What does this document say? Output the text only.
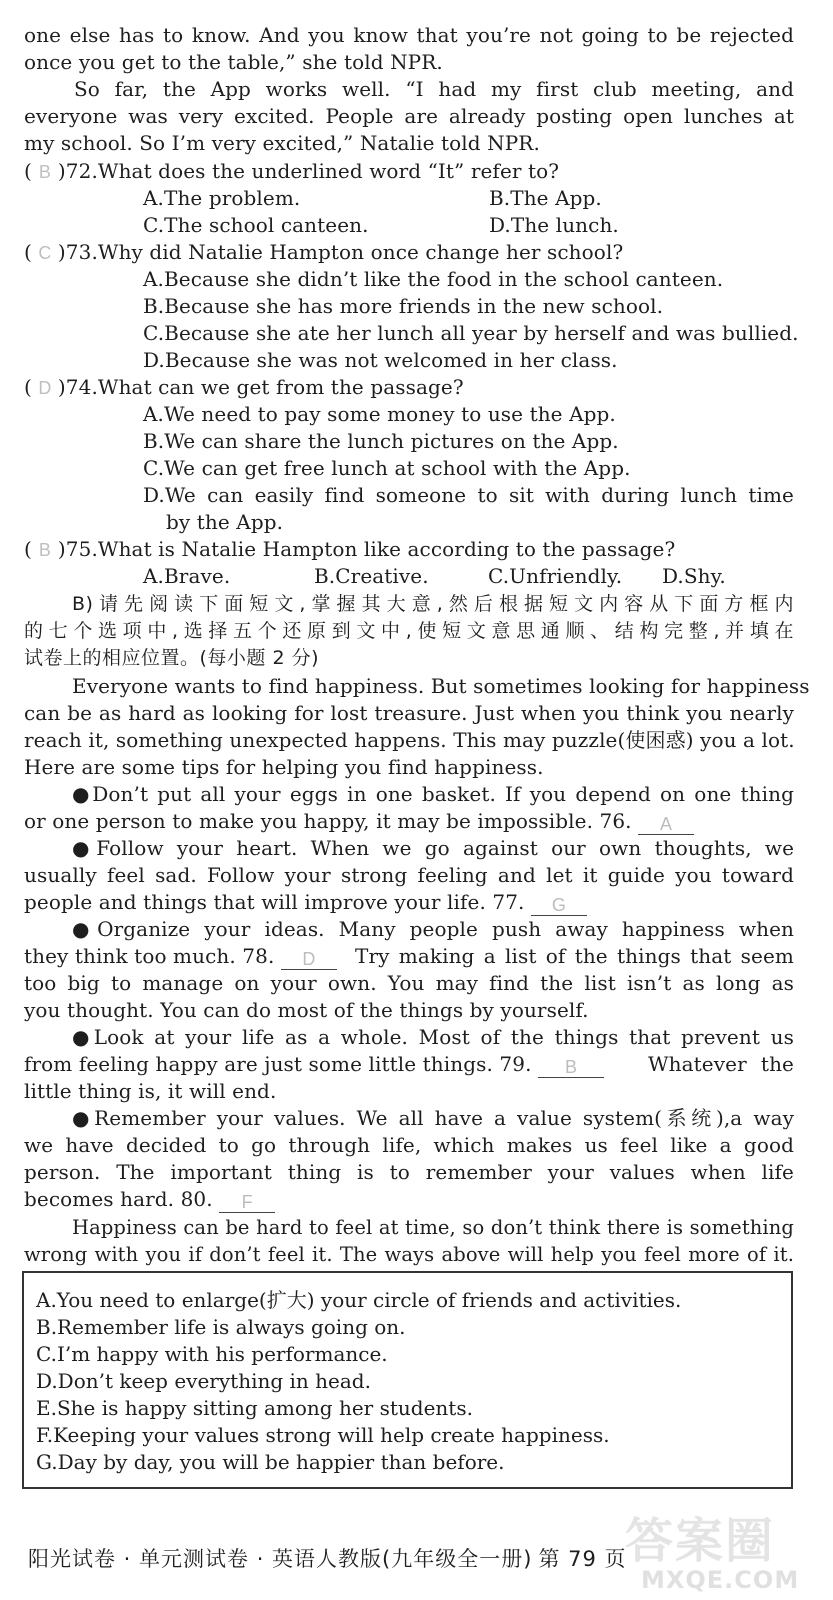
one else has to know. And you know that you’re not going to be rejected
once you get to the table,” she told NPR.
So far, the App works well. “I had my first club meeting, and
everyone was very excited. People are already posting open lunches at
my school. So I’m very excited,” Natalie told NPR.
( B )72.What does the underlined word “It” refer to?
A.The problem.	B.The App.
C.The school canteen.	D.The lunch.
( C )73.Why did Natalie Hampton once change her school?
A.Because she didn’t like the food in the school canteen.
B.Because she has more friends in the new school.
C.Because she ate her lunch all year by herself and was bullied.
D.Because she was not welcomed in her class.
( D )74.What can we get from the passage?
A.We need to pay some money to use the App.
B.We can share the lunch pictures on the App.
C.We can get free lunch at school with the App.
D.We can easily find someone to sit with during lunch time
by the App.
( B )75.What is Natalie Hampton like according to the passage?
A.Brave.	B.Creative.	C.Unfriendly. D.Shy.
B)请先阅读下面短文,掌握其大意,然后根据短文内容从下面方框内
的七个选项中,选择五个还原到文中,使短文意思通顺、结构完整,并填在
试卷上的相应位置。(每小题 2 分)
Everyone wants to find happiness. But sometimes looking for happiness
can be as hard as looking for lost treasure. Just when you think you nearly
reach it, something unexpected happens. This may puzzle(使困惑) you a lot.
Here are some tips for helping you find happiness.
●Don’t put all your eggs in one basket. If you depend on one thing
or one person to make you happy, it may be impossible. 76. A
●Follow your heart. When we go against our own thoughts, we
usually feel sad. Follow your strong feeling and let it guide you toward
people and things that will improve your life. 77. G
●Organize your ideas. Many people push away happiness when
they think too much. 78. D	Try making a list of the things that seem
too big to manage on your own. You may find the list isn’t as long as
you thought. You can do most of the things by yourself.
●Look at your life as a whole. Most of the things that prevent us
from feeling happy are just some little things. 79. B	Whatever the
little thing is, it will end.
●Remember your values. We all have a value system(系统),a way
we have decided to go through life, which makes us feel like a good
person. The important thing is to remember your values when life
becomes hard. 80. F
Happiness can be hard to feel at time, so don’t think there is something
wrong with you if don’t feel it. The ways above will help you feel more of it.
A.You need to enlarge(扩大) your circle of friends and activities.
B.Remember life is always going on.
C.I’m happy with his performance.
D.Don’t keep everything in head.
E.She is happy sitting among her students.
F.Keeping your values strong will help create happiness.
G.Day by day, you will be happier than before.
阳光试卷 · 单元测试卷 · 英语人教版(九年级全一册) 第 79 页
答案圈
MXQE.COM
